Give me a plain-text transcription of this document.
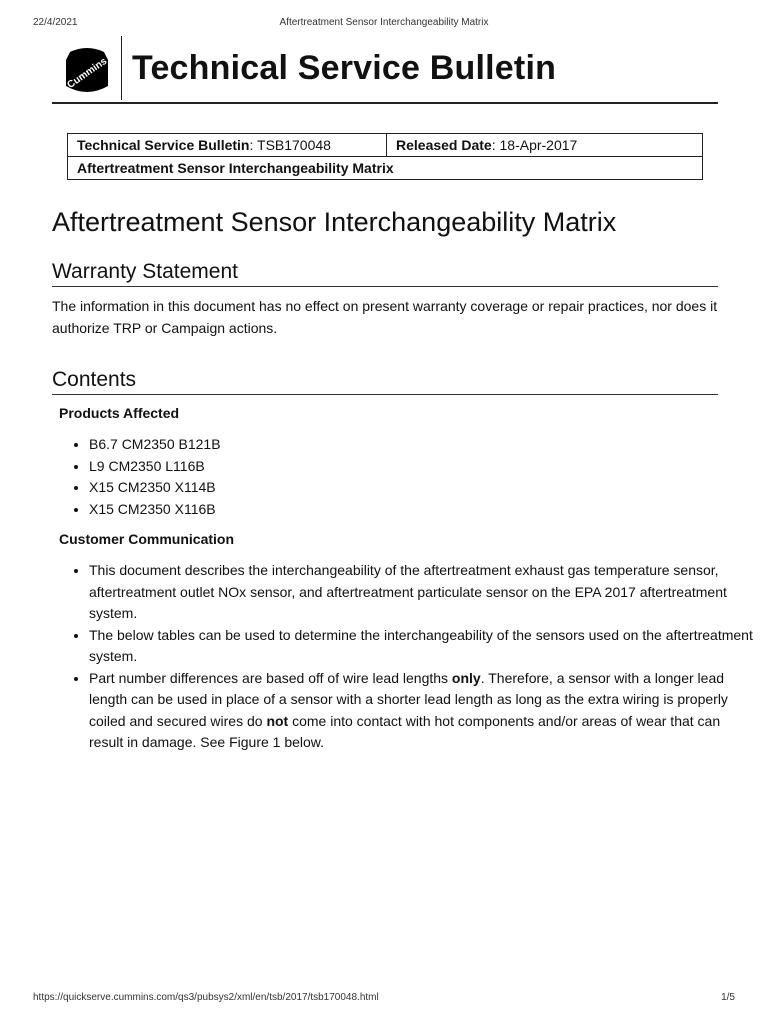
22/4/2021	Aftertreatment Sensor Interchangeability Matrix
Cummins Technical Service Bulletin
Technical Service Bulletin: TSB170048	Released Date: 18-Apr-2017
Aftertreatment Sensor Interchangeability Matrix
Aftertreatment Sensor Interchangeability Matrix
Warranty Statement

The information in this document has no effect on present warranty coverage or repair practices, nor does it authorize TRP or Campaign actions.

Contents

Products Affected

• B6.7 CM2350 B121B
• L9 CM2350 L116B
• X15 CM2350 X114B
• X15 CM2350 X116B

Customer Communication

• This document describes the interchangeability of the aftertreatment exhaust gas temperature sensor, aftertreatment outlet NOx sensor, and aftertreatment particulate sensor on the EPA 2017 aftertreatment system.
• The below tables can be used to determine the interchangeability of the sensors used on the aftertreatment system.
• Part number differences are based off of wire lead lengths only. Therefore, a sensor with a longer lead length can be used in place of a sensor with a shorter lead length as long as the extra wiring is properly coiled and secured wires do not come into contact with hot components and/or areas of wear that can result in damage. See Figure 1 below.
https://quickserve.cummins.com/qs3/pubsys2/xml/en/tsb/2017/tsb170048.html	1/5
